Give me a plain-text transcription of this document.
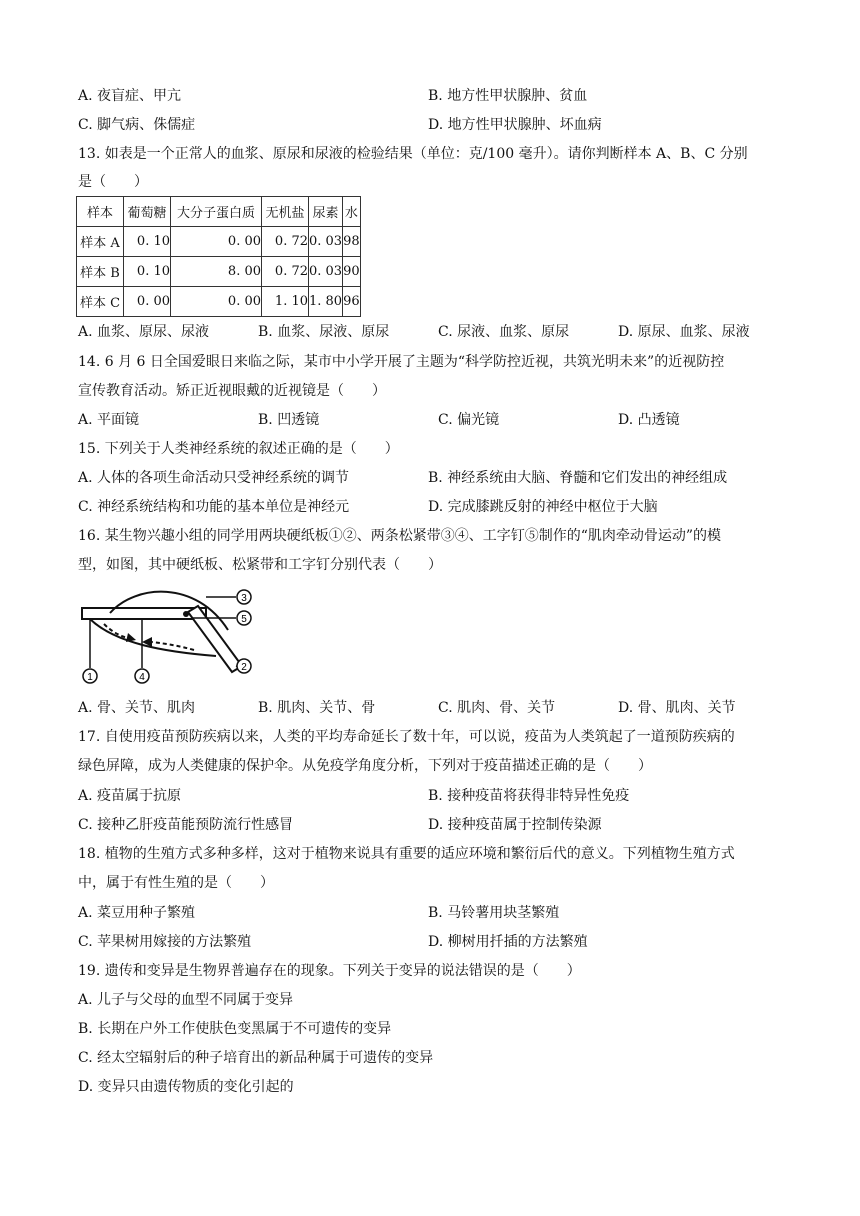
A. 夜盲症、甲亢	B. 地方性甲状腺肿、贫血
C. 脚气病、侏儒症	D. 地方性甲状腺肿、坏血病
13. 如表是一个正常人的血浆、原尿和尿液的检验结果（单位：克/100 毫升）。请你判断样本 A、B、C 分别
是（　　）
样本	葡萄糖	大分子蛋白质	无机盐	尿素	水
样本 A	0. 10	0. 00	0. 72	0. 03	98
样本 B	0. 10	8. 00	0. 72	0. 03	90
样本 C	0. 00	0. 00	1. 10	1. 80	96
A. 血浆、原尿、尿液	B. 血浆、尿液、原尿	C. 尿液、血浆、原尿	D. 原尿、血浆、尿液
14. 6 月 6 日全国爱眼日来临之际，某市中小学开展了主题为“科学防控近视，共筑光明未来”的近视防控
宣传教育活动。矫正近视眼戴的近视镜是（　　）
A. 平面镜	B. 凹透镜	C. 偏光镜	D. 凸透镜
15. 下列关于人类神经系统的叙述正确的是（　　）
A. 人体的各项生命活动只受神经系统的调节	B. 神经系统由大脑、脊髓和它们发出的神经组成
C. 神经系统结构和功能的基本单位是神经元	D. 完成膝跳反射的神经中枢位于大脑
16. 某生物兴趣小组的同学用两块硬纸板①②、两条松紧带③④、工字钉⑤制作的“肌肉牵动骨运动”的模
型，如图，其中硬纸板、松紧带和工字钉分别代表（　　）
1	4
3
5
2
A. 骨、关节、肌肉	B. 肌肉、关节、骨	C. 肌肉、骨、关节	D. 骨、肌肉、关节
17. 自使用疫苗预防疾病以来，人类的平均寿命延长了数十年，可以说，疫苗为人类筑起了一道预防疾病的
绿色屏障，成为人类健康的保护伞。从免疫学角度分析，下列对于疫苗描述正确的是（　　）
A. 疫苗属于抗原	B. 接种疫苗将获得非特异性免疫
C. 接种乙肝疫苗能预防流行性感冒	D. 接种疫苗属于控制传染源
18. 植物的生殖方式多种多样，这对于植物来说具有重要的适应环境和繁衍后代的意义。下列植物生殖方式
中，属于有性生殖的是（　　）
A. 菜豆用种子繁殖	B. 马铃薯用块茎繁殖
C. 苹果树用嫁接的方法繁殖	D. 柳树用扦插的方法繁殖
19. 遗传和变异是生物界普遍存在的现象。下列关于变异的说法错误的是（　　）
A. 儿子与父母的血型不同属于变异
B. 长期在户外工作使肤色变黑属于不可遗传的变异
C. 经太空辐射后的种子培育出的新品种属于可遗传的变异
D. 变异只由遗传物质的变化引起的
